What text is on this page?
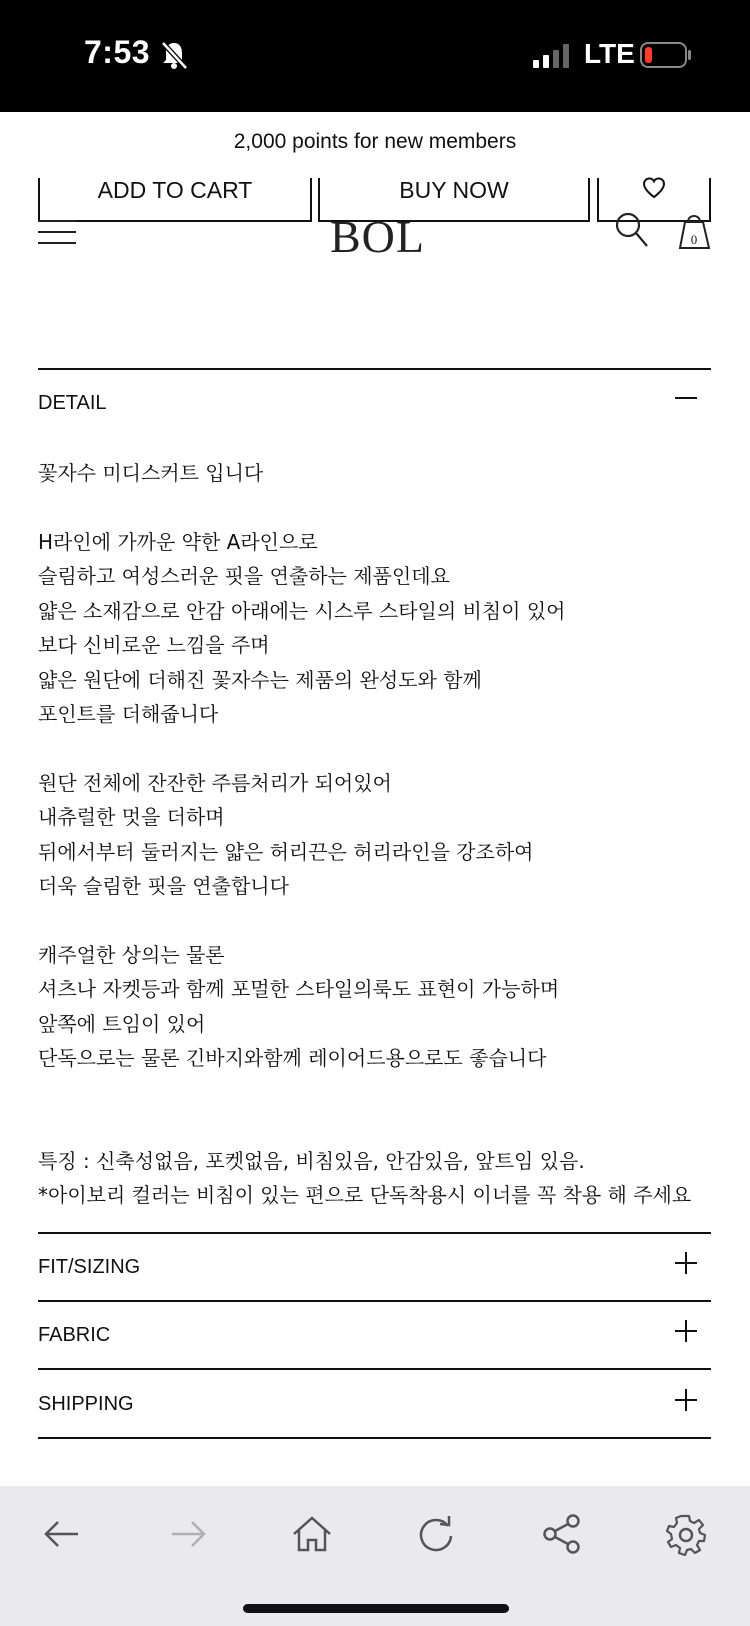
7:53	LTE
2,000 points for new members
ADD TO CART	BUY NOW
BOL	0
DETAIL

꽃자수 미디스커트 입니다

H라인에 가까운 약한 A라인으로

슬림하고 여성스러운 핏을 연출하는 제품인데요

얇은 소재감으로 안감 아래에는 시스루 스타일의 비침이 있어

보다 신비로운 느낌을 주며

얇은 원단에 더해진 꽃자수는 제품의 완성도와 함께

포인트를 더해줍니다

원단 전체에 잔잔한 주름처리가 되어있어

내츄럴한 멋을 더하며

뒤에서부터 둘러지는 얇은 허리끈은 허리라인을 강조하여

더욱 슬림한 핏을 연출합니다

캐주얼한 상의는 물론

셔츠나 자켓등과 함께 포멀한 스타일의룩도 표현이 가능하며

앞쪽에 트임이 있어

단독으로는 물론 긴바지와함께 레이어드용으로도 좋습니다

특징 : 신축성없음, 포켓없음, 비침있음, 안감있음, 앞트임 있음.

*아이보리 컬러는 비침이 있는 편으로 단독착용시 이너를 꼭 착용 해 주세요

FIT/SIZING
FABRIC
SHIPPING
